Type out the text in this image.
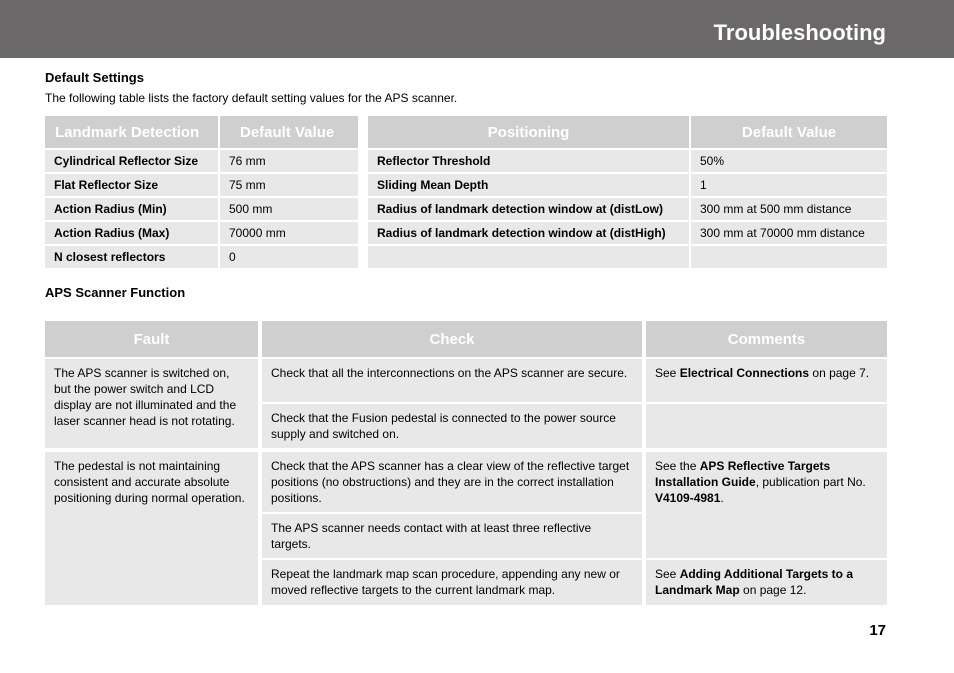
Troubleshooting
Default Settings
The following table lists the factory default setting values for the APS scanner.
Landmark Detection	Default Value
Cylindrical Reflector Size	76 mm
Flat Reflector Size	75 mm
Action Radius (Min)	500 mm
Action Radius (Max)	70000 mm
N closest reflectors	0
Positioning	Default Value
Reflector Threshold	50%
Sliding Mean Depth	1
Radius of landmark detection window at (distLow)	300 mm at 500 mm distance
Radius of landmark detection window at (distHigh)	300 mm at 70000 mm distance

APS Scanner Function
Fault	Check	Comments
The APS scanner is switched on, but the power switch and LCD display are not illuminated and the laser scanner head is not rotating.	Check that all the interconnections on the APS scanner are secure.	See Electrical Connections on page 7.
	Check that the Fusion pedestal is connected to the power source supply and switched on.	
The pedestal is not maintaining consistent and accurate absolute positioning during normal operation.	Check that the APS scanner has a clear view of the reflective target positions (no obstructions) and they are in the correct installation positions.	See the APS Reflective Targets Installation Guide, publication part No. V4109-4981.
	The APS scanner needs contact with at least three reflective targets.	
	Repeat the landmark map scan procedure, appending any new or moved reflective targets to the current landmark map.	See Adding Additional Targets to a Landmark Map on page 12.
17
